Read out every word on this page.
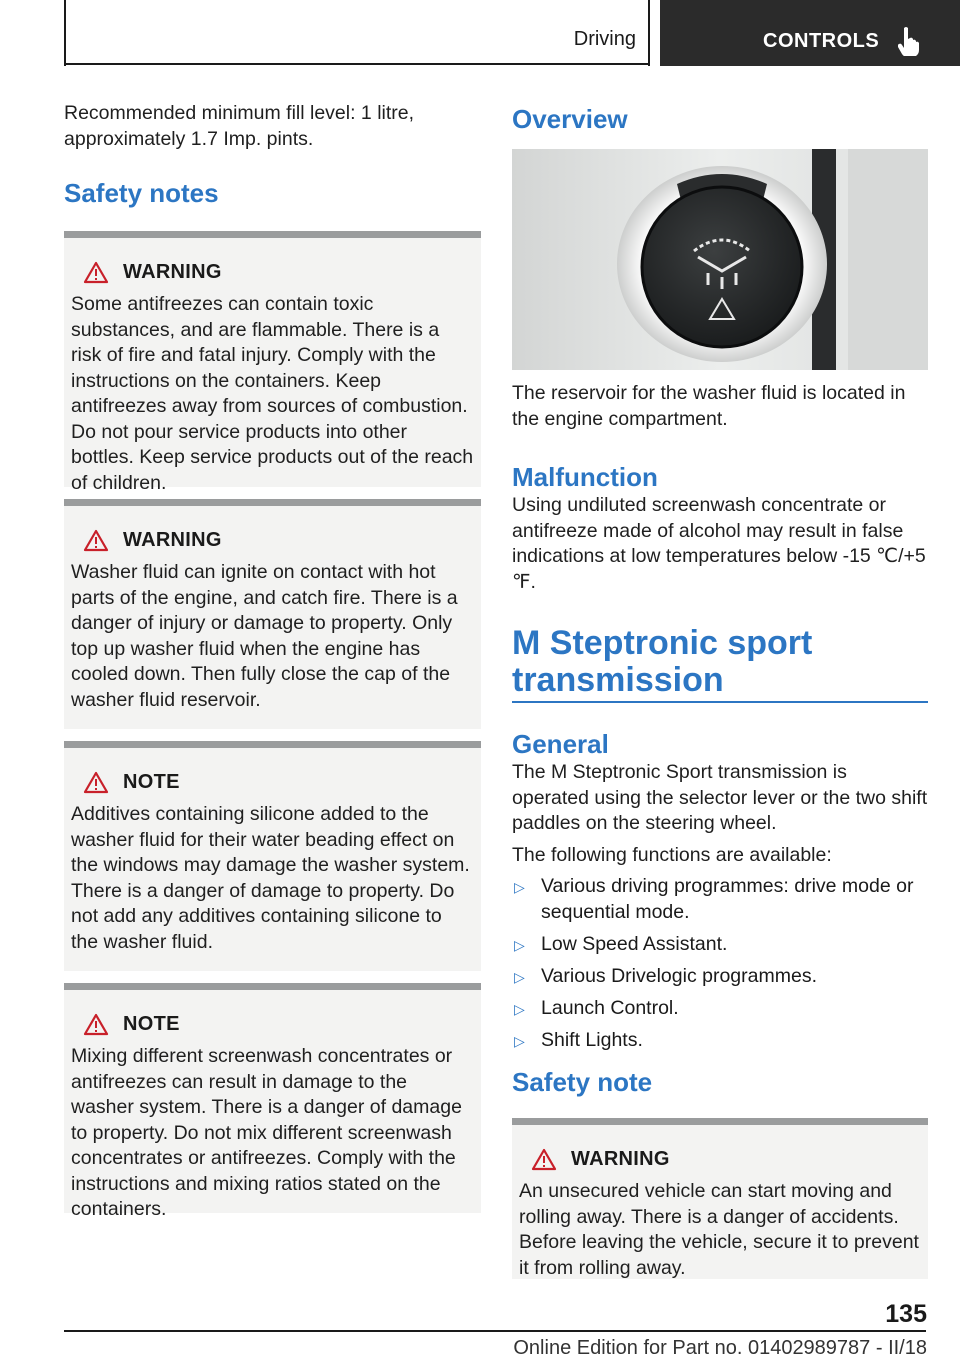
Driving	CONTROLS

Recommended minimum fill level: 1 litre, approximately 1.7 Imp. pints.

Safety notes
WARNING

Some antifreezes can contain toxic substances, and are flammable. There is a risk of fire and fatal injury. Comply with the instructions on the containers. Keep antifreezes away from sources of combustion. Do not pour service products into other bottles. Keep service products out of the reach of children.

WARNING

Washer fluid can ignite on contact with hot parts of the engine, and catch fire. There is a danger of injury or damage to property. Only top up washer fluid when the engine has cooled down. Then fully close the cap of the washer fluid reservoir.

NOTE

Additives containing silicone added to the washer fluid for their water beading effect on the windows may damage the washer system. There is a danger of damage to property. Do not add any additives containing silicone to the washer fluid.

NOTE

Mixing different screenwash concentrates or antifreezes can result in damage to the washer system. There is a danger of damage to property. Do not mix different screenwash concentrates or antifreezes. Comply with the instructions and mixing ratios stated on the containers.

Overview

The reservoir for the washer fluid is located in the engine compartment.

Malfunction

Using undiluted screenwash concentrate or antifreeze made of alcohol may result in false indications at low temperatures below -15 ℃/+5 ℉.

M Steptronic sport transmission
General

The M Steptronic Sport transmission is operated using the selector lever or the two shift paddles on the steering wheel.

The following functions are available:

▷ Various driving programmes: drive mode or sequential mode.
▷ Low Speed Assistant.
▷ Various Drivelogic programmes.
▷ Launch Control.
▷ Shift Lights.
Safety note
WARNING

An unsecured vehicle can start moving and rolling away. There is a danger of accidents. Before leaving the vehicle, secure it to prevent it from rolling away.

135
Online Edition for Part no. 01402989787 - II/18
